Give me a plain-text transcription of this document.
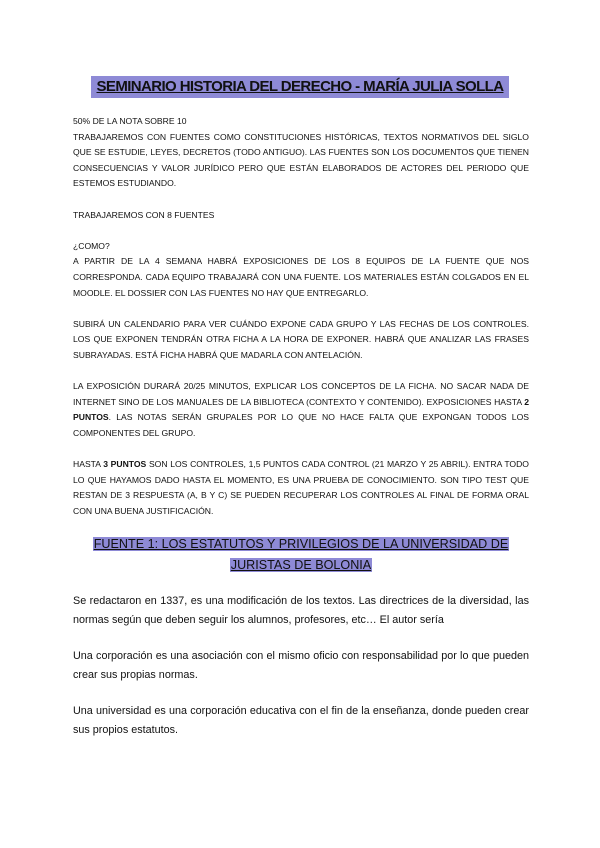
SEMINARIO HISTORIA DEL DERECHO - MARÍA JULIA SOLLA

50% DE LA NOTA SOBRE 10

TRABAJAREMOS CON FUENTES COMO CONSTITUCIONES HISTÓRICAS, TEXTOS NORMATIVOS DEL SIGLO QUE SE ESTUDIE, LEYES, DECRETOS (TODO ANTIGUO). LAS FUENTES SON LOS DOCUMENTOS QUE TIENEN CONSECUENCIAS Y VALOR JURÍDICO PERO QUE ESTÁN ELABORADOS DE ACTORES DEL PERIODO QUE ESTEMOS ESTUDIANDO.

TRABAJAREMOS CON 8 FUENTES

¿COMO?

A PARTIR DE LA 4 SEMANA HABRÁ EXPOSICIONES DE LOS 8 EQUIPOS DE LA FUENTE QUE NOS CORRESPONDA. CADA EQUIPO TRABAJARÁ CON UNA FUENTE. LOS MATERIALES ESTÁN COLGADOS EN EL MOODLE. EL DOSSIER CON LAS FUENTES NO HAY QUE ENTREGARLO.

SUBIRÁ UN CALENDARIO PARA VER CUÁNDO EXPONE CADA GRUPO Y LAS FECHAS DE LOS CONTROLES. LOS QUE EXPONEN TENDRÁN OTRA FICHA A LA HORA DE EXPONER. HABRÁ QUE ANALIZAR LAS FRASES SUBRAYADAS. ESTÁ FICHA HABRÁ QUE MADARLA CON ANTELACIÓN.

LA EXPOSICIÓN DURARÁ 20/25 MINUTOS, EXPLICAR LOS CONCEPTOS DE LA FICHA. NO SACAR NADA DE INTERNET SINO DE LOS MANUALES DE LA BIBLIOTECA (CONTEXTO Y CONTENIDO). EXPOSICIONES HASTA 2 PUNTOS. LAS NOTAS SERÁN GRUPALES POR LO QUE NO HACE FALTA QUE EXPONGAN TODOS LOS COMPONENTES DEL GRUPO.

HASTA 3 PUNTOS SON LOS CONTROLES, 1,5 PUNTOS CADA CONTROL (21 MARZO Y 25 ABRIL). ENTRA TODO LO QUE HAYAMOS DADO HASTA EL MOMENTO, ES UNA PRUEBA DE CONOCIMIENTO. SON TIPO TEST QUE RESTAN DE 3 RESPUESTA (A, B Y C) SE PUEDEN RECUPERAR LOS CONTROLES AL FINAL DE FORMA ORAL CON UNA BUENA JUSTIFICACIÓN.

FUENTE 1: LOS ESTATUTOS Y PRIVILEGIOS DE LA UNIVERSIDAD DE
JURISTAS DE BOLONIA

Se redactaron en 1337, es una modificación de los textos. Las directrices de la diversidad, las normas según que deben seguir los alumnos, profesores, etc… El autor sería

Una corporación es una asociación con el mismo oficio con responsabilidad por lo que pueden crear sus propias normas.

Una universidad es una corporación educativa con el fin de la enseñanza, donde pueden crear sus propios estatutos.
